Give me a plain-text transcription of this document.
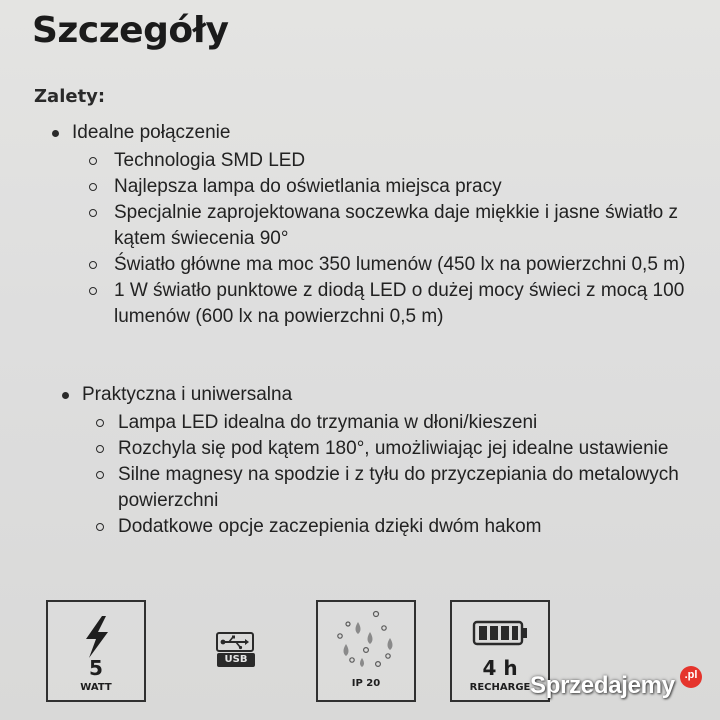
Szczegóły
Zalety:
Idealne połączenie
Technologia SMD LED
Najlepsza lampa do oświetlania miejsca pracy
Specjalnie zaprojektowana soczewka daje miękkie i jasne światło z kątem świecenia 90°
Światło główne ma moc 350 lumenów (450 lx na powierzchni 0,5 m)
1 W światło punktowe z diodą LED o dużej mocy świeci z mocą 100 lumenów (600 lx na powierzchni 0,5 m)
Praktyczna i uniwersalna
Lampa LED idealna do trzymania w dłoni/kieszeni
Rozchyla się pod kątem 180°, umożliwiając jej idealne ustawienie
Silne magnesy na spodzie i z tyłu do przyczepiania do metalowych powierzchni
Dodatkowe opcje zaczepienia dzięki dwóm hakom
5
WATT
USB
IP 20
4 h
RECHARGE Sprzedajemy .pl
